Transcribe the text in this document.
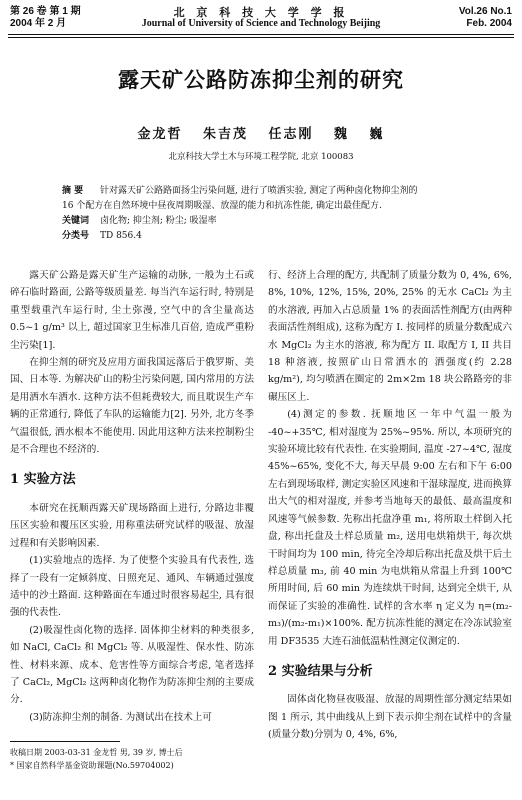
第 26 卷 第 1 期
2004 年 2 月
北 京 科 技 大 学 学 报
Journal of University of Science and Technology Beijing
Vol.26 No.1
Feb. 2004
露天矿公路防冻抑尘剂的研究
金龙哲 朱吉茂 任志刚 魏 巍
北京科技大学土木与环境工程学院, 北京 100083

摘 要 针对露天矿公路路面扬尘污染问题, 进行了喷洒实验, 测定了两种卤化物抑尘剂的

16 个配方在自然环境中昼夜周期吸湿、放湿的能力和抗冻性能, 确定出最佳配方.

关键词 卤化物; 抑尘剂; 粉尘; 吸湿率

分类号 TD 856.4

露天矿公路是露天矿生产运输的动脉, 一般为土石或碎石临时路面, 公路等级质量差. 每当汽车运行时, 特别是重型载重汽车运行时, 尘土弥漫, 空气中的含尘量高达 0.5~1 g/m³ 以上, 超过国家卫生标准几百倍, 造成严重粉尘污染[1].

在抑尘剂的研究及应用方面我国远落后于俄罗斯、美国、日本等. 为解决矿山的粉尘污染问题, 国内常用的方法是用洒水车洒水. 这种方法不但耗费较大, 而且耽误生产车辆的正常通行, 降低了车队的运输能力[2]. 另外, 北方冬季气温很低, 洒水根本不能使用. 因此用这种方法来控制粉尘是不合理也不经济的.

1 实验方法

本研究在抚顺西露天矿现场路面上进行, 分路边非覆压区实验和覆压区实验, 用称重法研究试样的吸湿、放湿过程和有关影响因素.

(1)实验地点的选择. 为了使整个实验具有代表性, 选择了一段有一定倾斜度、日照充足、通风、车辆通过强度适中的沙土路面. 这种路面在车通过时很容易起尘, 具有很强的代表性.

(2)吸湿性卤化物的选择. 固体抑尘材料的种类很多, 如 NaCl, CaCl₂ 和 MgCl₂ 等. 从吸湿性、保水性、防冻性、材料来源、成本、危害性等方面综合考虑, 笔者选择了 CaCl₂, MgCl₂ 这两种卤化物作为防冻抑尘剂的主要成分.

(3)防冻抑尘剂的制备. 为测试出在技术上可

行、经济上合理的配方, 共配制了质量分数为 0, 4%, 6%, 8%, 10%, 12%, 15%, 20%, 25% 的无水 CaCl₂ 为主的水溶液, 再加入占总质量 1% 的表面活性剂配方(由两种表面活性剂组成), 这称为配方 I. 按同样的质量分数配成六水 MgCl₂ 为主水的溶液, 称为配方 II. 取配方 I, II 共目 18 种溶液, 按照矿山日常洒水的 洒强度(约 2.28 kg/m²), 均匀喷洒在圈定的 2m×2m 18 块公路路旁的非碾压区上.

(4)测定的参数. 抚顺地区一年中气温一般为 -40~+35℃, 相对湿度为 25%~95%. 所以, 本项研究的实验环境比较有代表性. 在实验期间, 温度 -27~4℃, 湿度 45%~65%, 变化不大, 每天早晨 9:00 左右和下午 6:00 左右到现场取样, 测定实验区风速和干湿球湿度, 进而换算出大气的相对湿度, 并参考当地每天的最低、最高温度和风速等气候参数. 先称出托盘净重 m₁, 将所取土样倒入托盘, 称出托盘及土样总质量 m₂, 送用电烘箱烘干, 每次烘干时间均为 100 min, 待完全冷却后称出托盘及烘干后土样总质量 m₃, 前 40 min 为电烘箱从常温上升到 100℃ 所用时间, 后 60 min 为连续烘干时间, 达到完全烘干, 从而保证了实验的准确性. 试样的含水率 η 定义为 η=(m₂-m₃)/(m₂-m₁)×100%. 配方抗冻性能的测定在冷冻试验室用 DF3535 大连石油低温粘性测定仪测定的.

2 实验结果与分析

固体卤化物昼夜吸湿、放湿的周期性部分测定结果如图 1 所示, 其中曲线从上到下表示抑尘剂在试样中的含量(质量分数)分别为 0, 4%, 6%,

收稿日期 2003-03-31 金龙哲 男, 39 岁, 博士后
* 国家自然科学基金资助课题(No.59704002)
